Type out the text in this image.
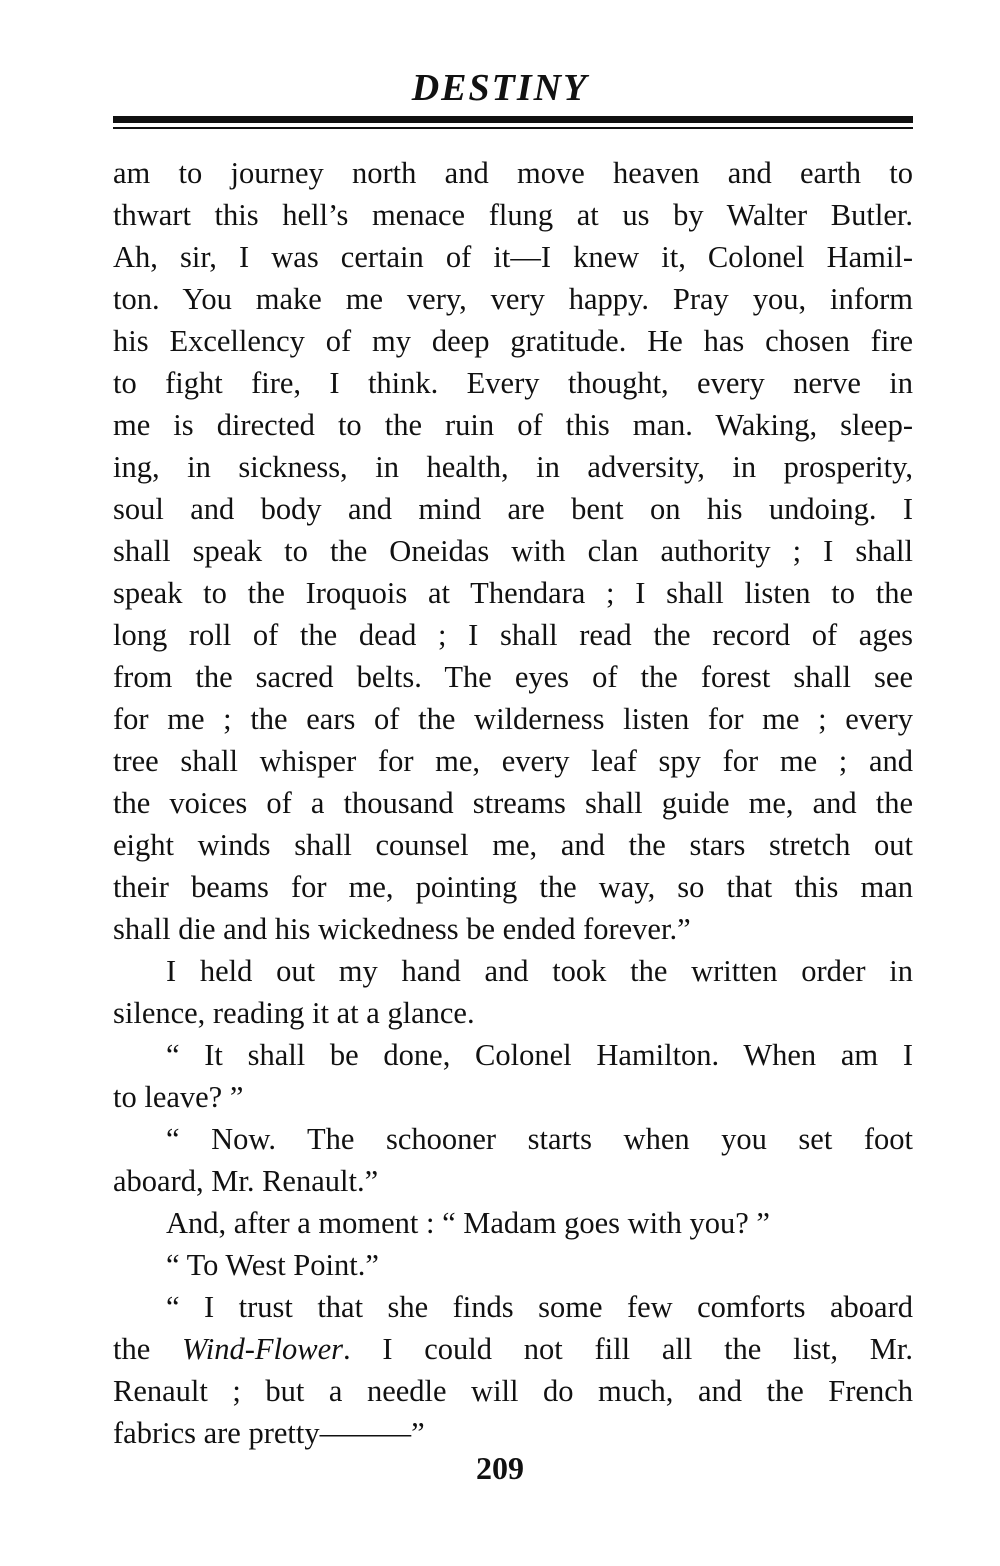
DESTINY
am to journey north and move heaven and earth to
thwart this hell’s menace flung at us by Walter Butler.
Ah, sir, I was certain of it—I knew it, Colonel Hamil-
ton. You make me very, very happy. Pray you, inform
his Excellency of my deep gratitude. He has chosen fire
to fight fire, I think. Every thought, every nerve in
me is directed to the ruin of this man. Waking, sleep-
ing, in sickness, in health, in adversity, in prosperity,
soul and body and mind are bent on his undoing. I
shall speak to the Oneidas with clan authority ; I shall
speak to the Iroquois at Thendara ; I shall listen to the
long roll of the dead ; I shall read the record of ages
from the sacred belts. The eyes of the forest shall see
for me ; the ears of the wilderness listen for me ; every
tree shall whisper for me, every leaf spy for me ; and
the voices of a thousand streams shall guide me, and the
eight winds shall counsel me, and the stars stretch out
their beams for me, pointing the way, so that this man
shall die and his wickedness be ended forever.”
I held out my hand and took the written order in
silence, reading it at a glance.
“ It shall be done, Colonel Hamilton. When am I
to leave? ”
“ Now. The schooner starts when you set foot
aboard, Mr. Renault.”
And, after a moment : “ Madam goes with you? ”
“ To West Point.”
“ I trust that she finds some few comforts aboard
the Wind-Flower. I could not fill all the list, Mr.
Renault ; but a needle will do much, and the French
fabrics are pretty———”
209
